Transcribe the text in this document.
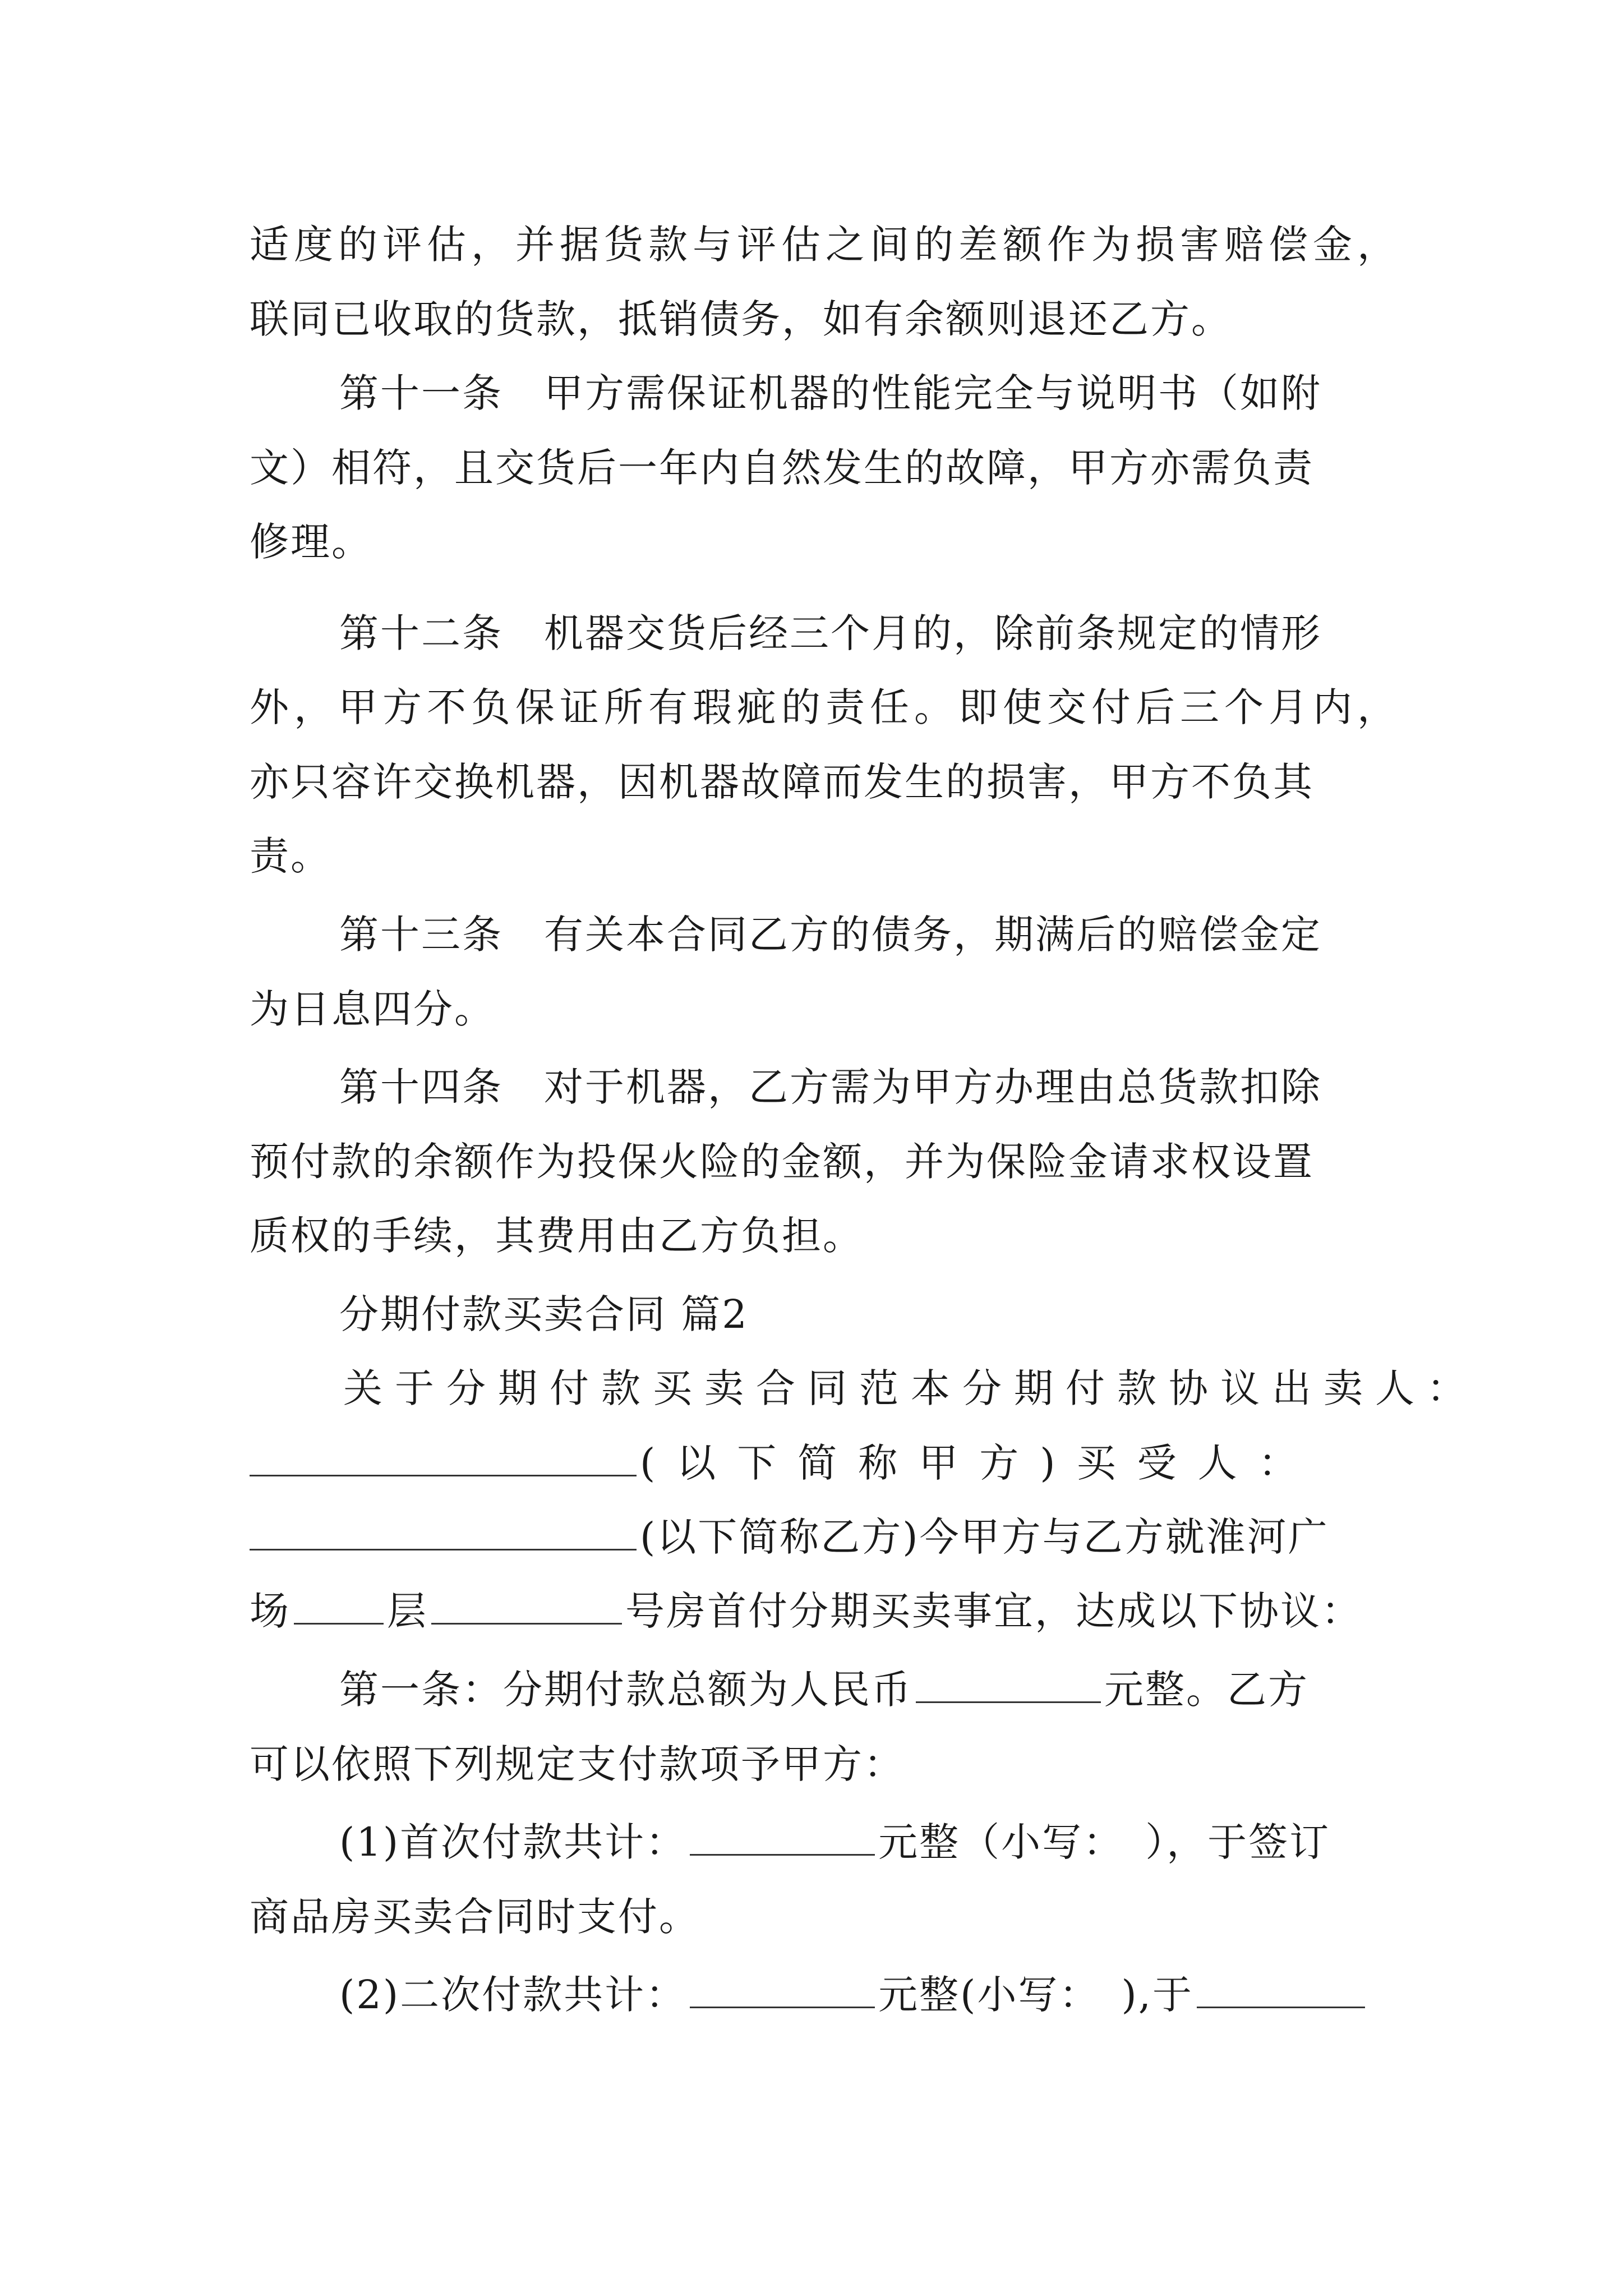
适度的评估，并据货款与评估之间的差额作为损害赔偿金，
联同已收取的货款，抵销债务，如有余额则退还乙方。
第十一条　甲方需保证机器的性能完全与说明书（如附
文）相符，且交货后一年内自然发生的故障，甲方亦需负责
修理。
第十二条　机器交货后经三个月的，除前条规定的情形
外，甲方不负保证所有瑕疵的责任。即使交付后三个月内，
亦只容许交换机器，因机器故障而发生的损害，甲方不负其
责。
第十三条　有关本合同乙方的债务，期满后的赔偿金定
为日息四分。
第十四条　对于机器，乙方需为甲方办理由总货款扣除
预付款的余额作为投保火险的金额，并为保险金请求权设置
质权的手续，其费用由乙方负担。
分期付款买卖合同 篇2
关于分期付款买卖合同范本分期付款协议出卖人：
(以下简称甲方)买受人：
(以下简称乙方)今甲方与乙方就淮河广
场 层	号房首付分期买卖事宜，达成以下协议：
第一条：分期付款总额为人民币	元整。乙方
可以依照下列规定支付款项予甲方：
(1)首次付款共计：	元整（小写：　），于签订
商品房买卖合同时支付。
(2)二次付款共计：	元整(小写：　),于
